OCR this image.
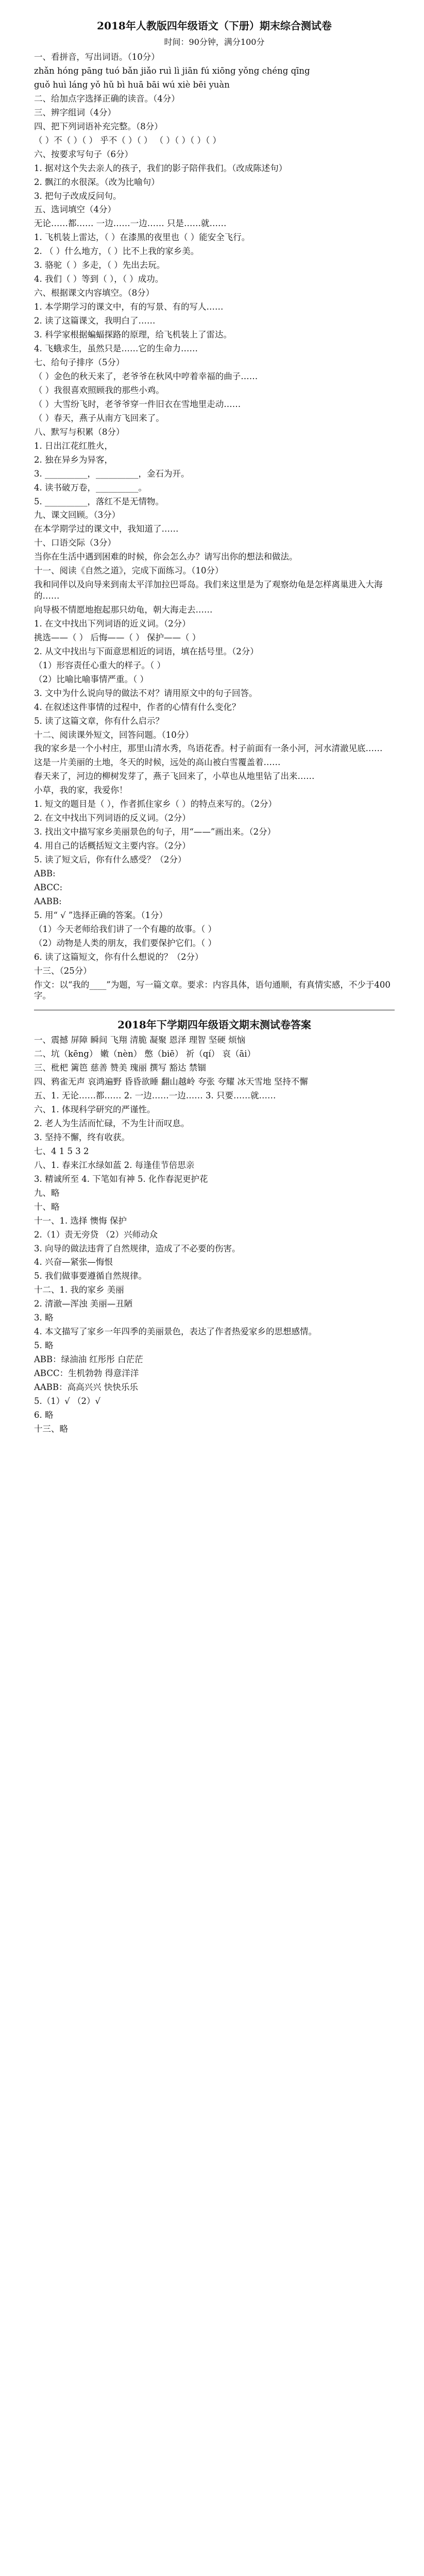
2018年人教版四年级语文（下册）期末综合测试卷
时间：90分钟，满分100分
一、看拼音，写出词语。（10分）
zhǎn hóng pāng tuó bǎn jiǎo ruì lì jiān fú xiōng yǒng chéng qīng
guǒ huì láng yǒ hǔ bì huā bāi wú xiè bēi yuàn
二、给加点字选择正确的读音。（4分）
三、辨字组词（4分）
四、把下列词语补充完整。（8分）
（ ）不（ ）（ ） 乎不（ ）（ ） （ ）（ ）（ ）（ ）
六、按要求写句子（6分）
1. 据对这个失去亲人的孩子，我们的影子陪伴我们。（改成陈述句）
2. 飘江的水很深。（改为比喻句）
3. 把句子改成反问句。
五、选词填空（4分）
无论……都…… 一边……一边…… 只是……就……
1. 飞机装上雷达，（ ）在漆黑的夜里也（ ）能安全飞行。
2. （ ）什么地方，（ ）比不上我的家乡美。
3. 骆驼（ ）多走，（ ）先出去玩。
4. 我们（ ）等到（ ），（ ）成功。
六、根据课文内容填空。（8分）
1. 本学期学习的课文中，有的写景、有的写人……
2. 读了这篇课文，我明白了……
3. 科学家根据蝙蝠探路的原理，给飞机装上了雷达。
4. 飞蛾求生，虽然只是……它的生命力……
七、给句子排序（5分）
（ ）金色的秋天来了，老爷爷在秋风中哼着幸福的曲子……
（ ）我很喜欢照顾我的那些小鸡。
（ ）大雪纷飞时，老爷爷穿一件旧衣在雪地里走动……
（ ）春天，燕子从南方飞回来了。
八、默写与积累（8分）
1. 日出江花红胜火，
2. 独在异乡为异客，
3. __________，__________，金石为开。
4. 读书破万卷，__________。
5. __________，落红不是无情物。
九、课文回顾。（3分）
在本学期学过的课文中，我知道了……
十、口语交际（3分）
当你在生活中遇到困难的时候，你会怎么办？请写出你的想法和做法。
十一、阅读《自然之道》，完成下面练习。（10分）
我和同伴以及向导来到南太平洋加拉巴哥岛。我们来这里是为了观察幼龟是怎样离巢进入大海的……
向导极不情愿地抱起那只幼龟，朝大海走去……
1. 在文中找出下列词语的近义词。（2分）
挑选——（ ） 后悔——（ ） 保护——（ ）
2. 从文中找出与下面意思相近的词语，填在括号里。（2分）
（1）形容责任心重大的样子。（ ）
（2）比喻比喻事情严重。（ ）
3. 文中为什么说向导的做法不对？请用原文中的句子回答。
4. 在叙述这件事情的过程中，作者的心情有什么变化？
5. 读了这篇文章，你有什么启示？
十二、阅读课外短文，回答问题。（10分）
我的家乡是一个小村庄，那里山清水秀，鸟语花香。村子前面有一条小河，河水清澈见底……
这是一片美丽的土地，冬天的时候，远处的高山被白雪覆盖着……
春天来了，河边的柳树发芽了，燕子飞回来了，小草也从地里钻了出来……
小草，我的家，我爱你！
1. 短文的题目是（ ），作者抓住家乡（ ）的特点来写的。（2分）
2. 在文中找出下列词语的反义词。（2分）
3. 找出文中描写家乡美丽景色的句子，用“——”画出来。（2分）
4. 用自己的话概括短文主要内容。（2分）
5. 读了短文后，你有什么感受？（2分）
ABB:
ABCC:
AABB:
5. 用“ √ ”选择正确的答案。（1分）
（1）今天老师给我们讲了一个有趣的故事。（ ）
（2）动物是人类的朋友，我们要保护它们。（ ）
6. 读了这篇短文，你有什么想说的？（2分）
十三、（25分）
作文：以“我的____”为题，写一篇文章。要求：内容具体，语句通顺，有真情实感，不少于400字。
2018年下学期四年级语文期末测试卷答案
一、震撼 屏障 瞬间 飞翔 清脆 凝聚 恩泽 理智 坚硬 烦恼
二、坑（kēng） 嫩（nèn） 憋（biē） 祈（qí） 哀（āi）
三、枇杷 篱笆 慈善 赞美 瑰丽 撰写 豁达 禁锢
四、鸦雀无声 哀鸿遍野 昏昏欲睡 翻山越岭 夸张 夸耀 冰天雪地 坚持不懈
五、1. 无论……都…… 2. 一边……一边…… 3. 只要……就……
六、1. 体现科学研究的严谨性。
2. 老人为生活而忙碌，不为生计而叹息。
3. 坚持不懈，终有收获。
七、4 1 5 3 2
八、1. 春来江水绿如蓝 2. 每逢佳节倍思亲
3. 精诚所至 4. 下笔如有神 5. 化作春泥更护花
九、略
十、略
十一、1. 选择 懊悔 保护
2.（1）责无旁贷 （2）兴师动众
3. 向导的做法违背了自然规律，造成了不必要的伤害。
4. 兴奋—紧张—悔恨
5. 我们做事要遵循自然规律。
十二、1. 我的家乡 美丽
2. 清澈—浑浊 美丽—丑陋
3. 略
4. 本文描写了家乡一年四季的美丽景色，表达了作者热爱家乡的思想感情。
5. 略
ABB：绿油油 红彤彤 白茫茫
ABCC：生机勃勃 得意洋洋
AABB：高高兴兴 快快乐乐
5.（1）√ （2）√
6. 略
十三、略
